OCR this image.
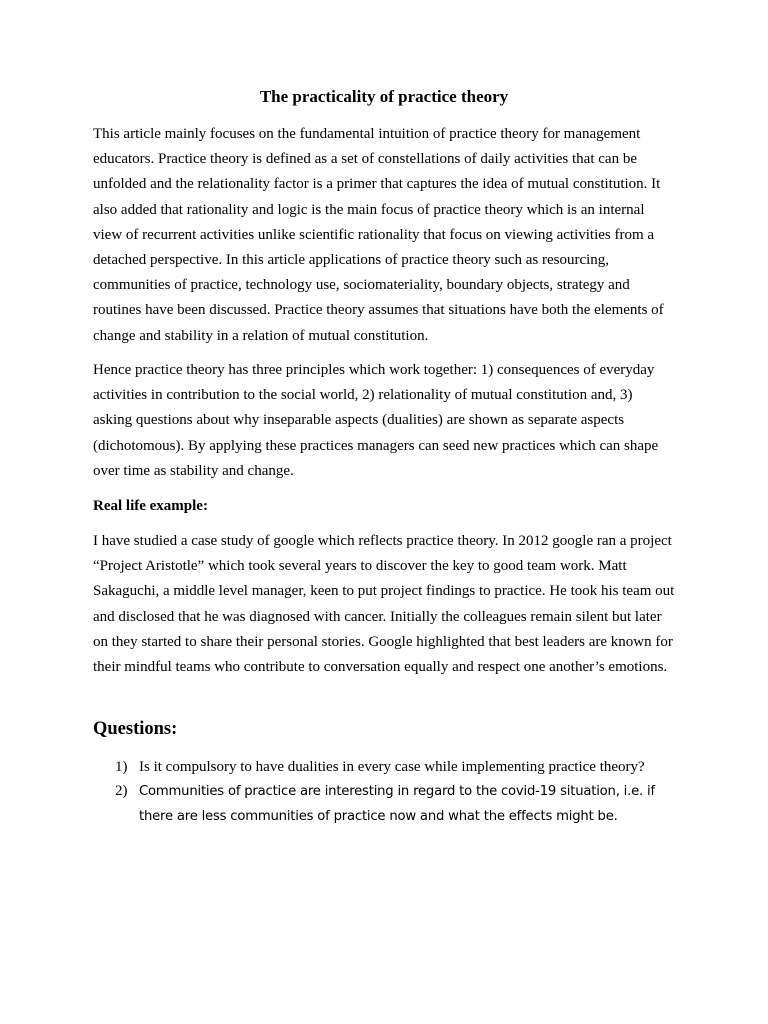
The practicality of practice theory

This article mainly focuses on the fundamental intuition of practice theory for management educators. Practice theory is defined as a set of constellations of daily activities that can be unfolded and the relationality factor is a primer that captures the idea of mutual constitution. It also added that rationality and logic is the main focus of practice theory which is an internal view of recurrent activities unlike scientific rationality that focus on viewing activities from a detached perspective. In this article applications of practice theory such as resourcing, communities of practice, technology use, sociomateriality, boundary objects, strategy and routines have been discussed. Practice theory assumes that situations have both the elements of change and stability in a relation of mutual constitution.

Hence practice theory has three principles which work together: 1) consequences of everyday activities in contribution to the social world, 2) relationality of mutual constitution and, 3) asking questions about why inseparable aspects (dualities) are shown as separate aspects (dichotomous). By applying these practices managers can seed new practices which can shape over time as stability and change.

Real life example:

I have studied a case study of google which reflects practice theory. In 2012 google ran a project “Project Aristotle” which took several years to discover the key to good team work. Matt Sakaguchi, a middle level manager, keen to put project findings to practice. He took his team out and disclosed that he was diagnosed with cancer. Initially the colleagues remain silent but later on they started to share their personal stories. Google highlighted that best leaders are known for their mindful teams who contribute to conversation equally and respect one another’s emotions.

Questions:
1) Is it compulsory to have dualities in every case while implementing practice theory?
2) Communities of practice are interesting in regard to the covid-19 situation, i.e. if there are less communities of practice now and what the effects might be.
